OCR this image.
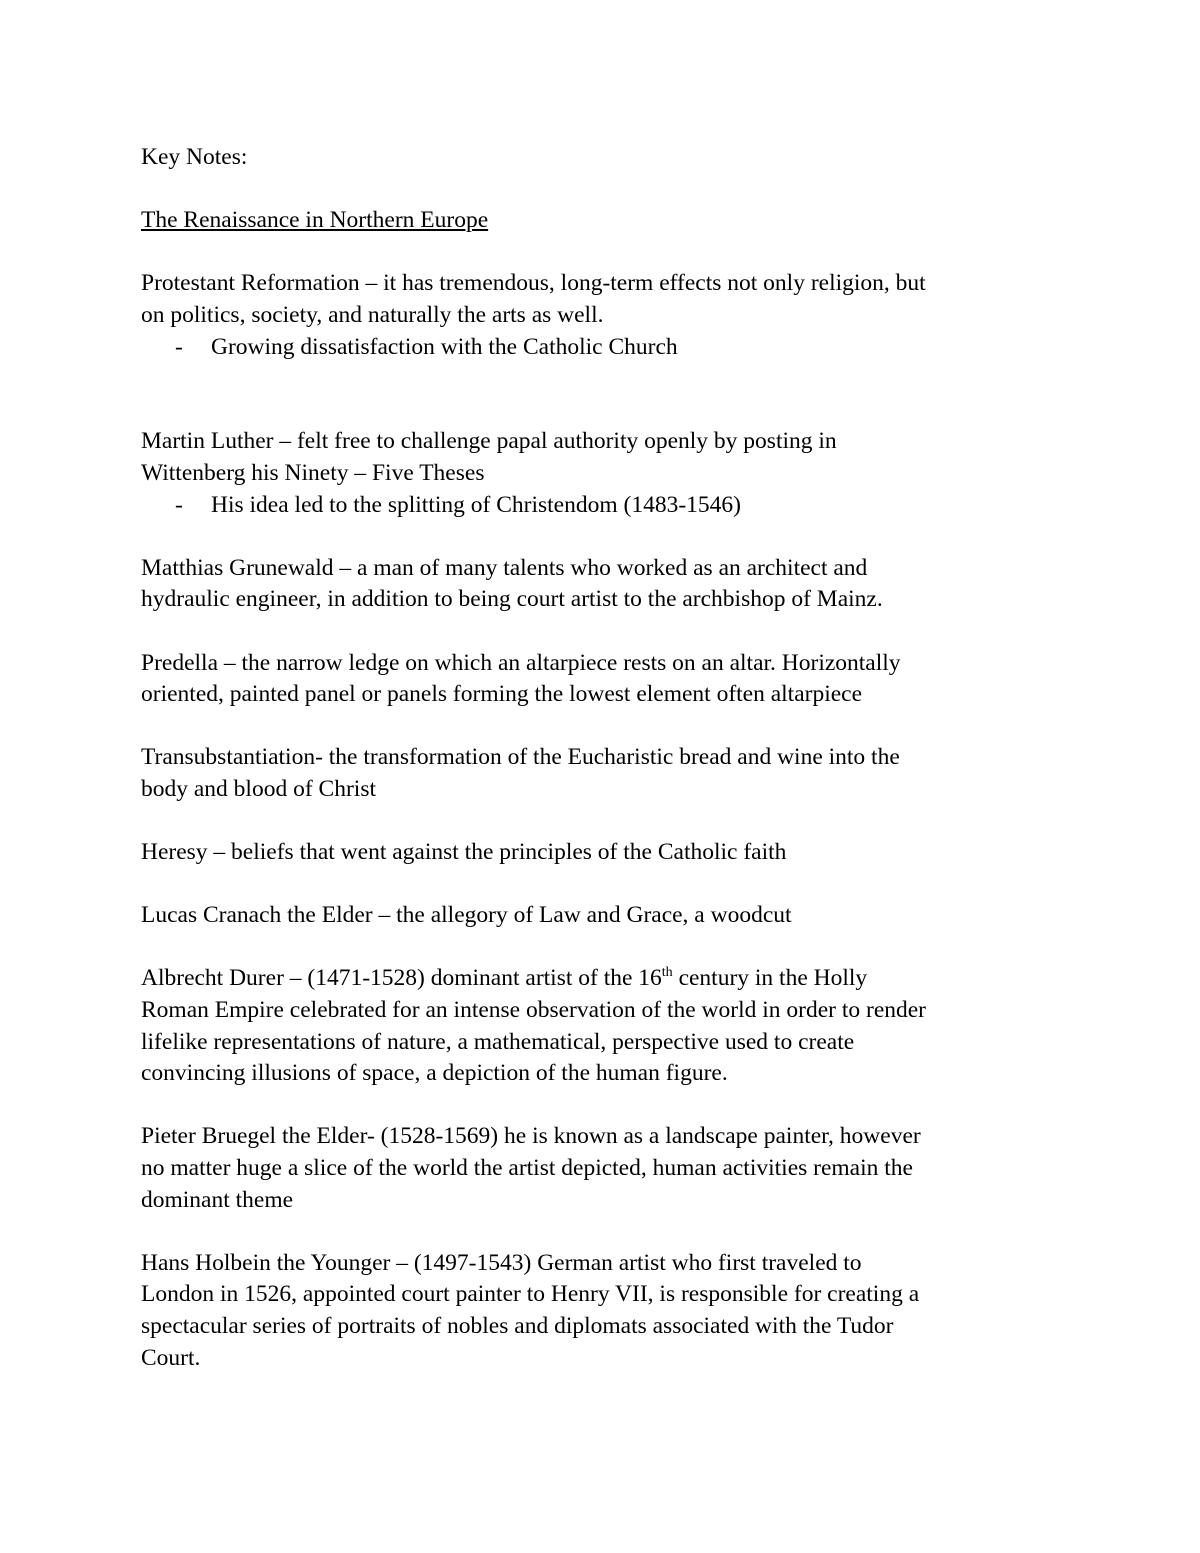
Key Notes:

The Renaissance in Northern Europe

Protestant Reformation – it has tremendous, long-term effects not only religion, but

on politics, society, and naturally the arts as well.

- Growing dissatisfaction with the Catholic Church

Martin Luther – felt free to challenge papal authority openly by posting in

Wittenberg his Ninety – Five Theses

- His idea led to the splitting of Christendom (1483-1546)

Matthias Grunewald – a man of many talents who worked as an architect and

hydraulic engineer, in addition to being court artist to the archbishop of Mainz.

Predella – the narrow ledge on which an altarpiece rests on an altar. Horizontally

oriented, painted panel or panels forming the lowest element often altarpiece

Transubstantiation- the transformation of the Eucharistic bread and wine into the

body and blood of Christ

Heresy – beliefs that went against the principles of the Catholic faith

Lucas Cranach the Elder – the allegory of Law and Grace, a woodcut

Albrecht Durer – (1471-1528) dominant artist of the 16th century in the Holly

Roman Empire celebrated for an intense observation of the world in order to render

lifelike representations of nature, a mathematical, perspective used to create

convincing illusions of space, a depiction of the human figure.

Pieter Bruegel the Elder- (1528-1569) he is known as a landscape painter, however

no matter huge a slice of the world the artist depicted, human activities remain the

dominant theme

Hans Holbein the Younger – (1497-1543) German artist who first traveled to

London in 1526, appointed court painter to Henry VII, is responsible for creating a

spectacular series of portraits of nobles and diplomats associated with the Tudor

Court.
